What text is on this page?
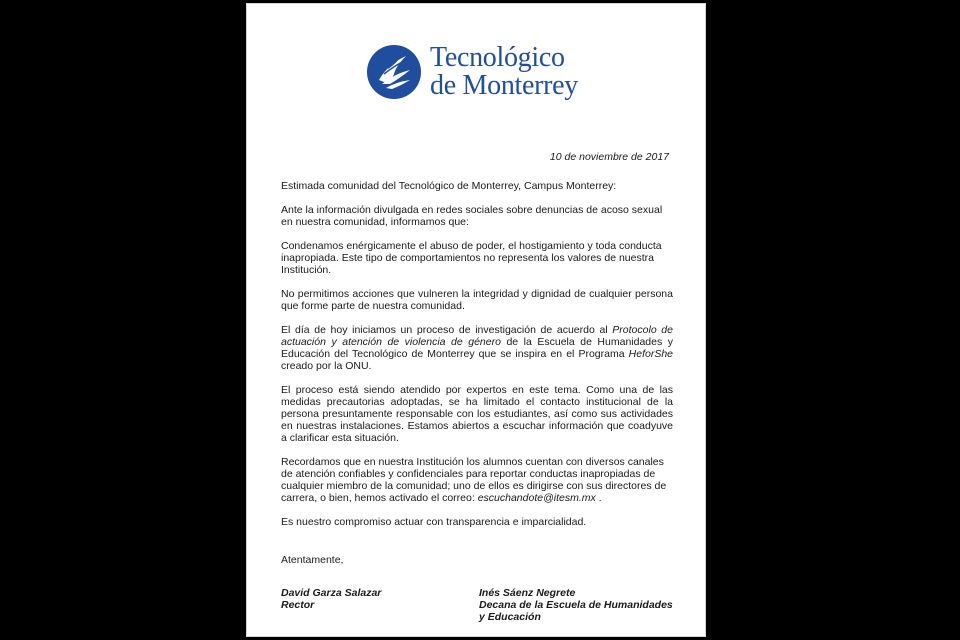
Tecnológico
de Monterrey
10 de noviembre de 2017

Estimada comunidad del Tecnológico de Monterrey, Campus Monterrey:

Ante la información divulgada en redes sociales sobre denuncias de acoso sexual en nuestra comunidad, informamos que:

Condenamos enérgicamente el abuso de poder, el hostigamiento y toda conducta inapropiada. Este tipo de comportamientos no representa los valores de nuestra Institución.

No permitimos acciones que vulneren la integridad y dignidad de cualquier persona que forme parte de nuestra comunidad.

El día de hoy iniciamos un proceso de investigación de acuerdo al Protocolo de actuación y atención de violencia de género de la Escuela de Humanidades y Educación del Tecnológico de Monterrey que se inspira en el Programa HeforShe creado por la ONU.

El proceso está siendo atendido por expertos en este tema. Como una de las medidas precautorias adoptadas, se ha limitado el contacto institucional de la persona presuntamente responsable con los estudiantes, así como sus actividades en nuestras instalaciones. Estamos abiertos a escuchar información que coadyuve a clarificar esta situación.

Recordamos que en nuestra Institución los alumnos cuentan con diversos canales de atención confiables y confidenciales para reportar conductas inapropiadas de cualquier miembro de la comunidad; uno de ellos es dirigirse con sus directores de carrera, o bien, hemos activado el correo: escuchandote@itesm.mx .

Es nuestro compromiso actuar con transparencia e imparcialidad.

Atentamente,
David Garza Salazar
Rector
Inés Sáenz Negrete
Decana de la Escuela de Humanidades
y Educación
